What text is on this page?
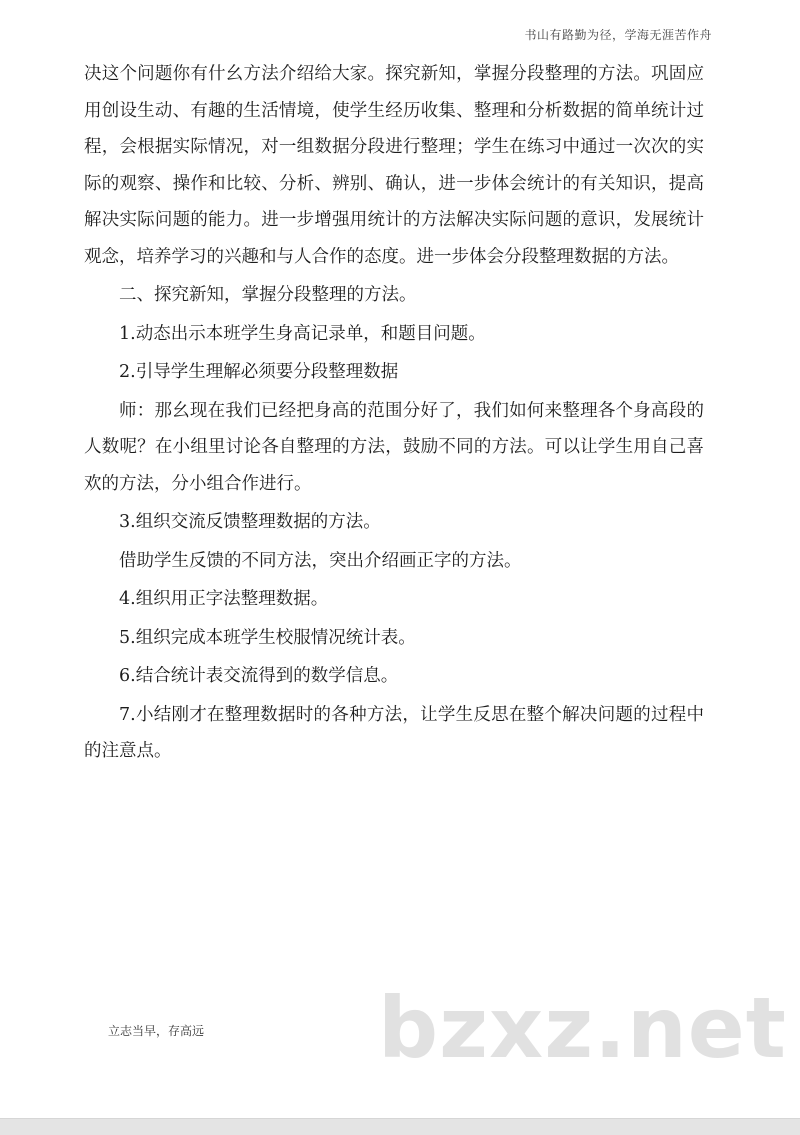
书山有路勤为径，学海无涯苦作舟

决这个问题你有什幺方法介绍给大家。探究新知，掌握分段整理的方法。巩固应用创设生动、有趣的生活情境，使学生经历收集、整理和分析数据的简单统计过程，会根据实际情况，对一组数据分段进行整理；学生在练习中通过一次次的实际的观察、操作和比较、分析、辨别、确认，进一步体会统计的有关知识，提高解决实际问题的能力。进一步增强用统计的方法解决实际问题的意识，发展统计观念，培养学习的兴趣和与人合作的态度。进一步体会分段整理数据的方法。

二、探究新知，掌握分段整理的方法。

1.动态出示本班学生身高记录单，和题目问题。

2.引导学生理解必须要分段整理数据

师：那幺现在我们已经把身高的范围分好了，我们如何来整理各个身高段的人数呢？在小组里讨论各自整理的方法，鼓励不同的方法。可以让学生用自己喜欢的方法，分小组合作进行。

3.组织交流反馈整理数据的方法。

借助学生反馈的不同方法，突出介绍画正字的方法。

4.组织用正字法整理数据。

5.组织完成本班学生校服情况统计表。

6.结合统计表交流得到的数学信息。

7.小结刚才在整理数据时的各种方法，让学生反思在整个解决问题的过程中的注意点。

立志当早，存高远 bzxz.net
